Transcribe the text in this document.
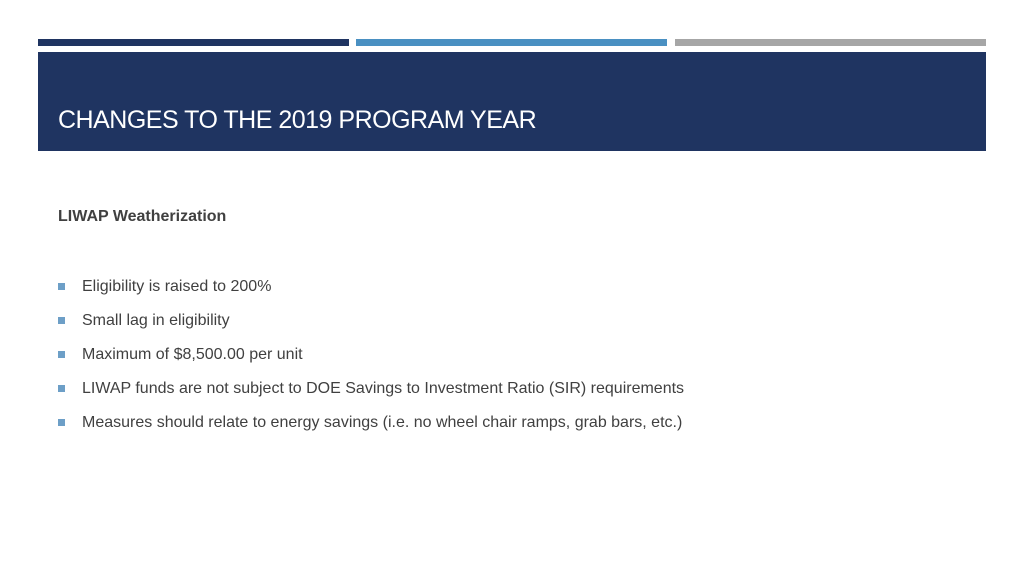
CHANGES TO THE 2019 PROGRAM YEAR
LIWAP Weatherization
Eligibility is raised to 200%
Small lag in eligibility
Maximum of $8,500.00 per unit
LIWAP funds are not subject to DOE Savings to Investment Ratio (SIR) requirements
Measures should relate to energy savings (i.e. no wheel chair ramps, grab bars, etc.)
